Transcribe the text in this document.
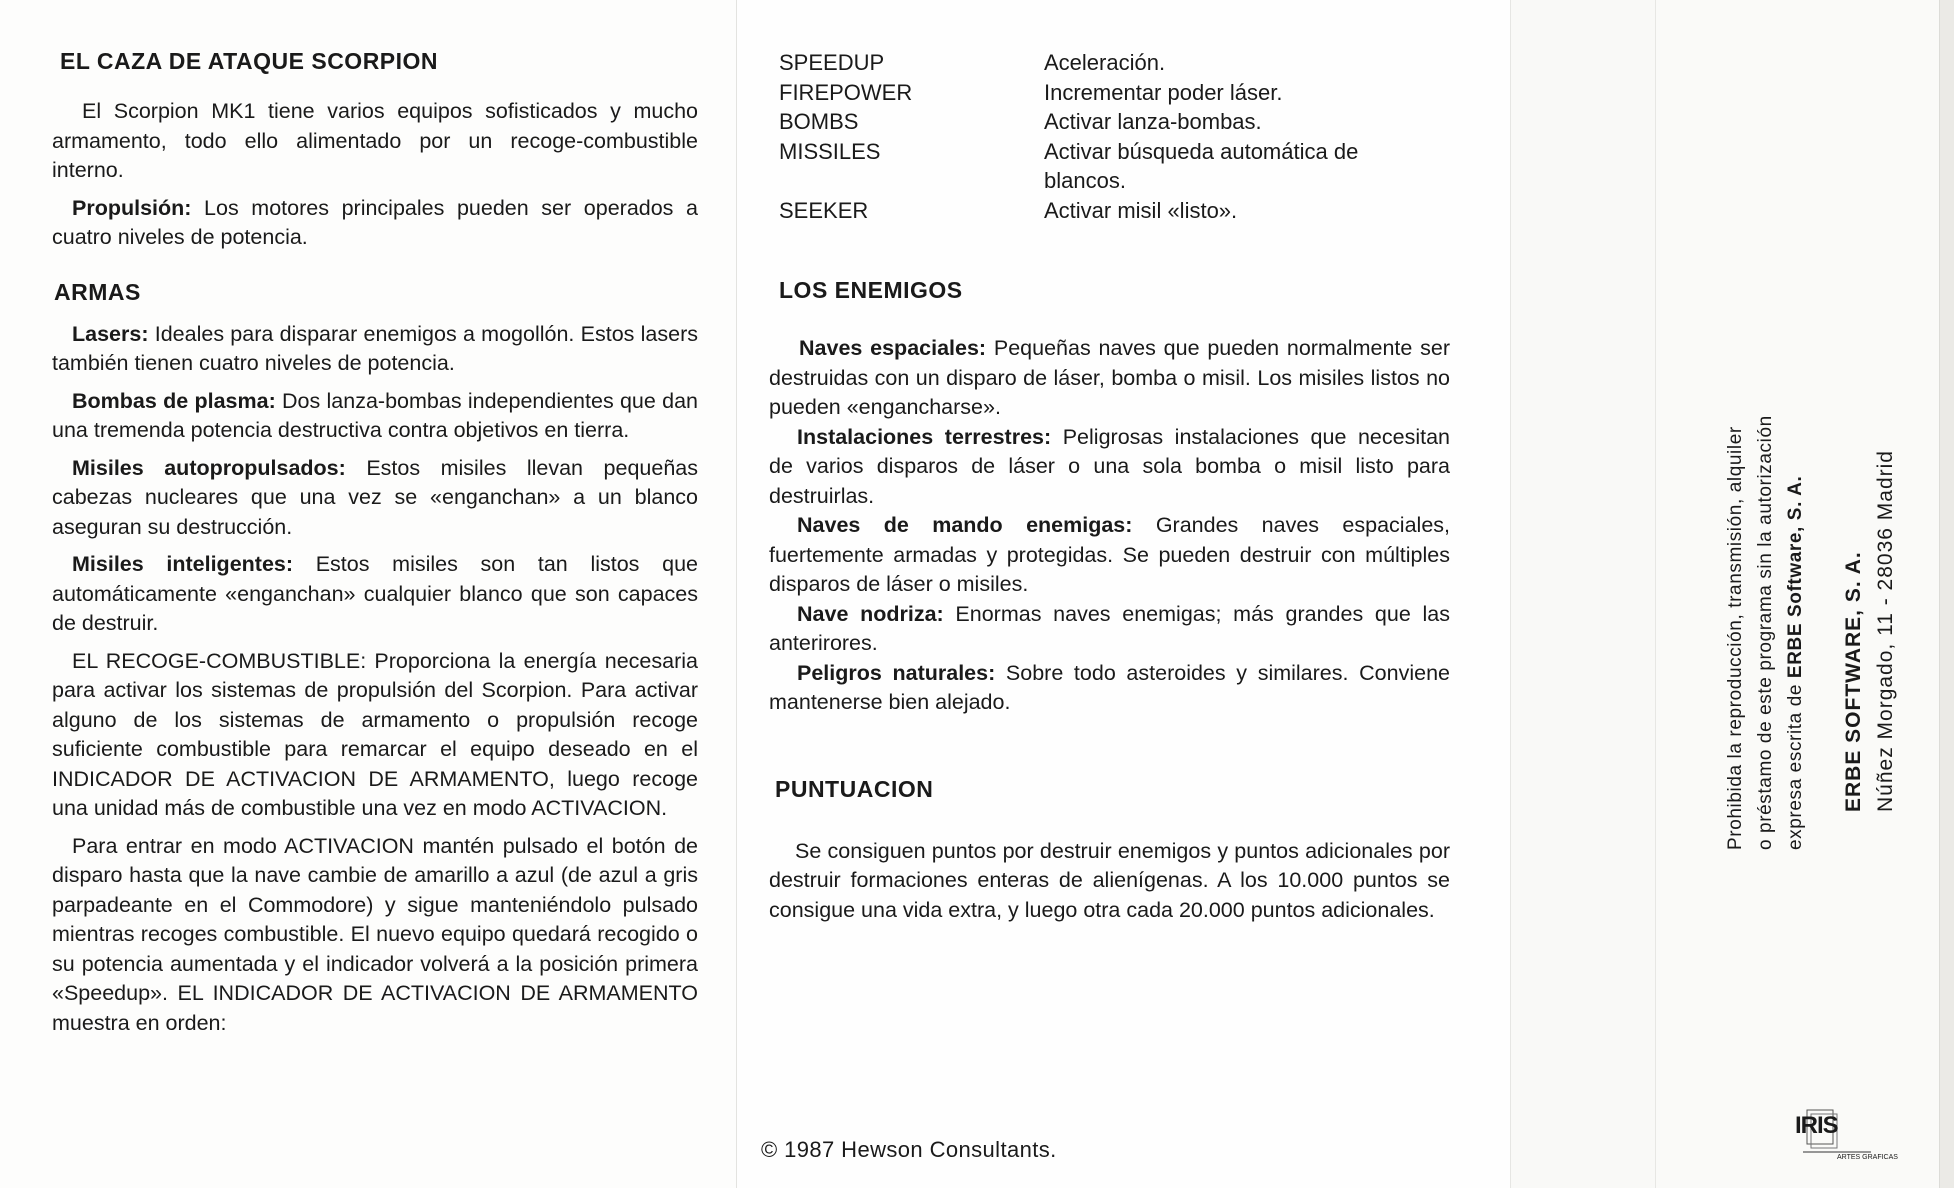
EL CAZA DE ATAQUE SCORPION

El Scorpion MK1 tiene varios equipos sofisticados y mucho armamento, todo ello alimentado por un recoge-combustible interno.

Propulsión: Los motores principales pueden ser operados a cuatro niveles de potencia.

ARMAS

Lasers: Ideales para disparar enemigos a mogollón. Estos lasers también tienen cuatro niveles de potencia.

Bombas de plasma: Dos lanza-bombas independientes que dan una tremenda potencia destructiva contra objetivos en tierra.

Misiles autopropulsados: Estos misiles llevan pequeñas cabezas nucleares que una vez se «enganchan» a un blanco aseguran su destrucción.

Misiles inteligentes: Estos misiles son tan listos que automáticamente «enganchan» cualquier blanco que son capaces de destruir.

EL RECOGE-COMBUSTIBLE: Proporciona la energía necesaria para activar los sistemas de propulsión del Scorpion. Para activar alguno de los sistemas de armamento o propulsión recoge suficiente combustible para remarcar el equipo deseado en el INDICADOR DE ACTIVACION DE ARMAMENTO, luego recoge una unidad más de combustible una vez en modo ACTIVACION.

Para entrar en modo ACTIVACION mantén pulsado el botón de disparo hasta que la nave cambie de amarillo a azul (de azul a gris parpadeante en el Commodore) y sigue manteniéndolo pulsado mientras recoges combustible. El nuevo equipo quedará recogido o su potencia aumentada y el indicador volverá a la posición primera «Speedup». EL INDICADOR DE ACTIVACION DE ARMAMENTO muestra en orden:

SPEEDUP	Aceleración.
FIREPOWER	Incrementar poder láser.
BOMBS	Activar lanza-bombas.
MISSILES	Activar búsqueda automática de blancos.
SEEKER	Activar misil «listo».
LOS ENEMIGOS

Naves espaciales: Pequeñas naves que pueden normalmente ser destruidas con un disparo de láser, bomba o misil. Los misiles listos no pueden «engancharse».

Instalaciones terrestres: Peligrosas instalaciones que necesitan de varios disparos de láser o una sola bomba o misil listo para destruirlas.

Naves de mando enemigas: Grandes naves espaciales, fuertemente armadas y protegidas. Se pueden destruir con múltiples disparos de láser o misiles.

Nave nodriza: Enormas naves enemigas; más grandes que las anterirores.

Peligros naturales: Sobre todo asteroides y similares. Conviene mantenerse bien alejado.

PUNTUACION

Se consiguen puntos por destruir enemigos y puntos adicionales por destruir formaciones enteras de alienígenas. A los 10.000 puntos se consigue una vida extra, y luego otra cada 20.000 puntos adicionales.

© 1987 Hewson Consultants.
Prohibida la reproducción, transmisión, alquiler o préstamo de este programa sin la autorización expresa escrita de ERBE Software, S. A. ERBE SOFTWARE, S. A. Núñez Morgado, 11 - 28036 Madrid
IRIS
ARTES GRAFICAS
